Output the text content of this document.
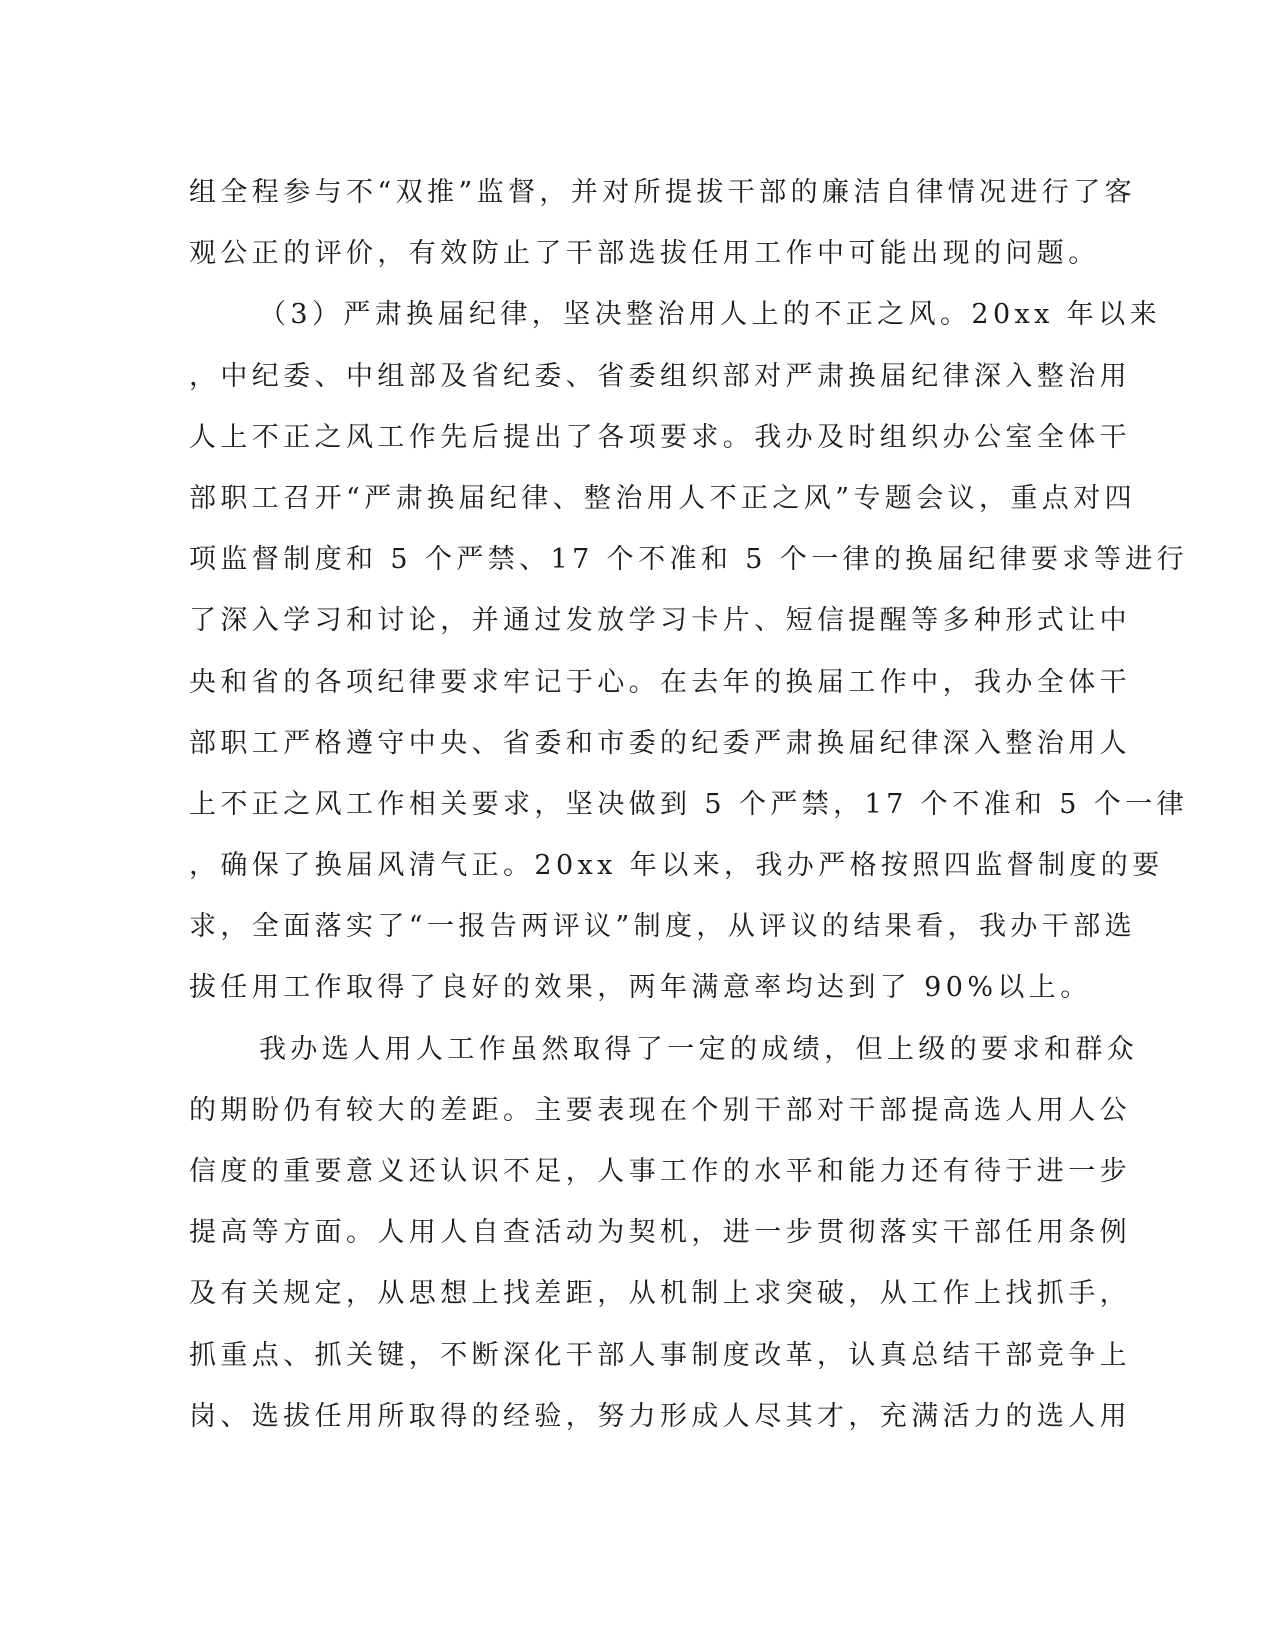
组全程参与不“双推”监督，并对所提拔干部的廉洁自律情况进行了客
观公正的评价，有效防止了干部选拔任用工作中可能出现的问题。
（3）严肃换届纪律，坚决整治用人上的不正之风。20xx 年以来
，中纪委、中组部及省纪委、省委组织部对严肃换届纪律深入整治用
人上不正之风工作先后提出了各项要求。我办及时组织办公室全体干
部职工召开“严肃换届纪律、整治用人不正之风”专题会议，重点对四
项监督制度和 5 个严禁、17 个不准和 5 个一律的换届纪律要求等进行
了深入学习和讨论，并通过发放学习卡片、短信提醒等多种形式让中
央和省的各项纪律要求牢记于心。在去年的换届工作中，我办全体干
部职工严格遵守中央、省委和市委的纪委严肃换届纪律深入整治用人
上不正之风工作相关要求，坚决做到 5 个严禁，17 个不准和 5 个一律
，确保了换届风清气正。20xx 年以来，我办严格按照四监督制度的要
求，全面落实了“一报告两评议”制度，从评议的结果看，我办干部选
拔任用工作取得了良好的效果，两年满意率均达到了 90%以上。
我办选人用人工作虽然取得了一定的成绩，但上级的要求和群众
的期盼仍有较大的差距。主要表现在个别干部对干部提高选人用人公
信度的重要意义还认识不足，人事工作的水平和能力还有待于进一步
提高等方面。人用人自查活动为契机，进一步贯彻落实干部任用条例
及有关规定，从思想上找差距，从机制上求突破，从工作上找抓手，
抓重点、抓关键，不断深化干部人事制度改革，认真总结干部竞争上
岗、选拔任用所取得的经验，努力形成人尽其才，充满活力的选人用
